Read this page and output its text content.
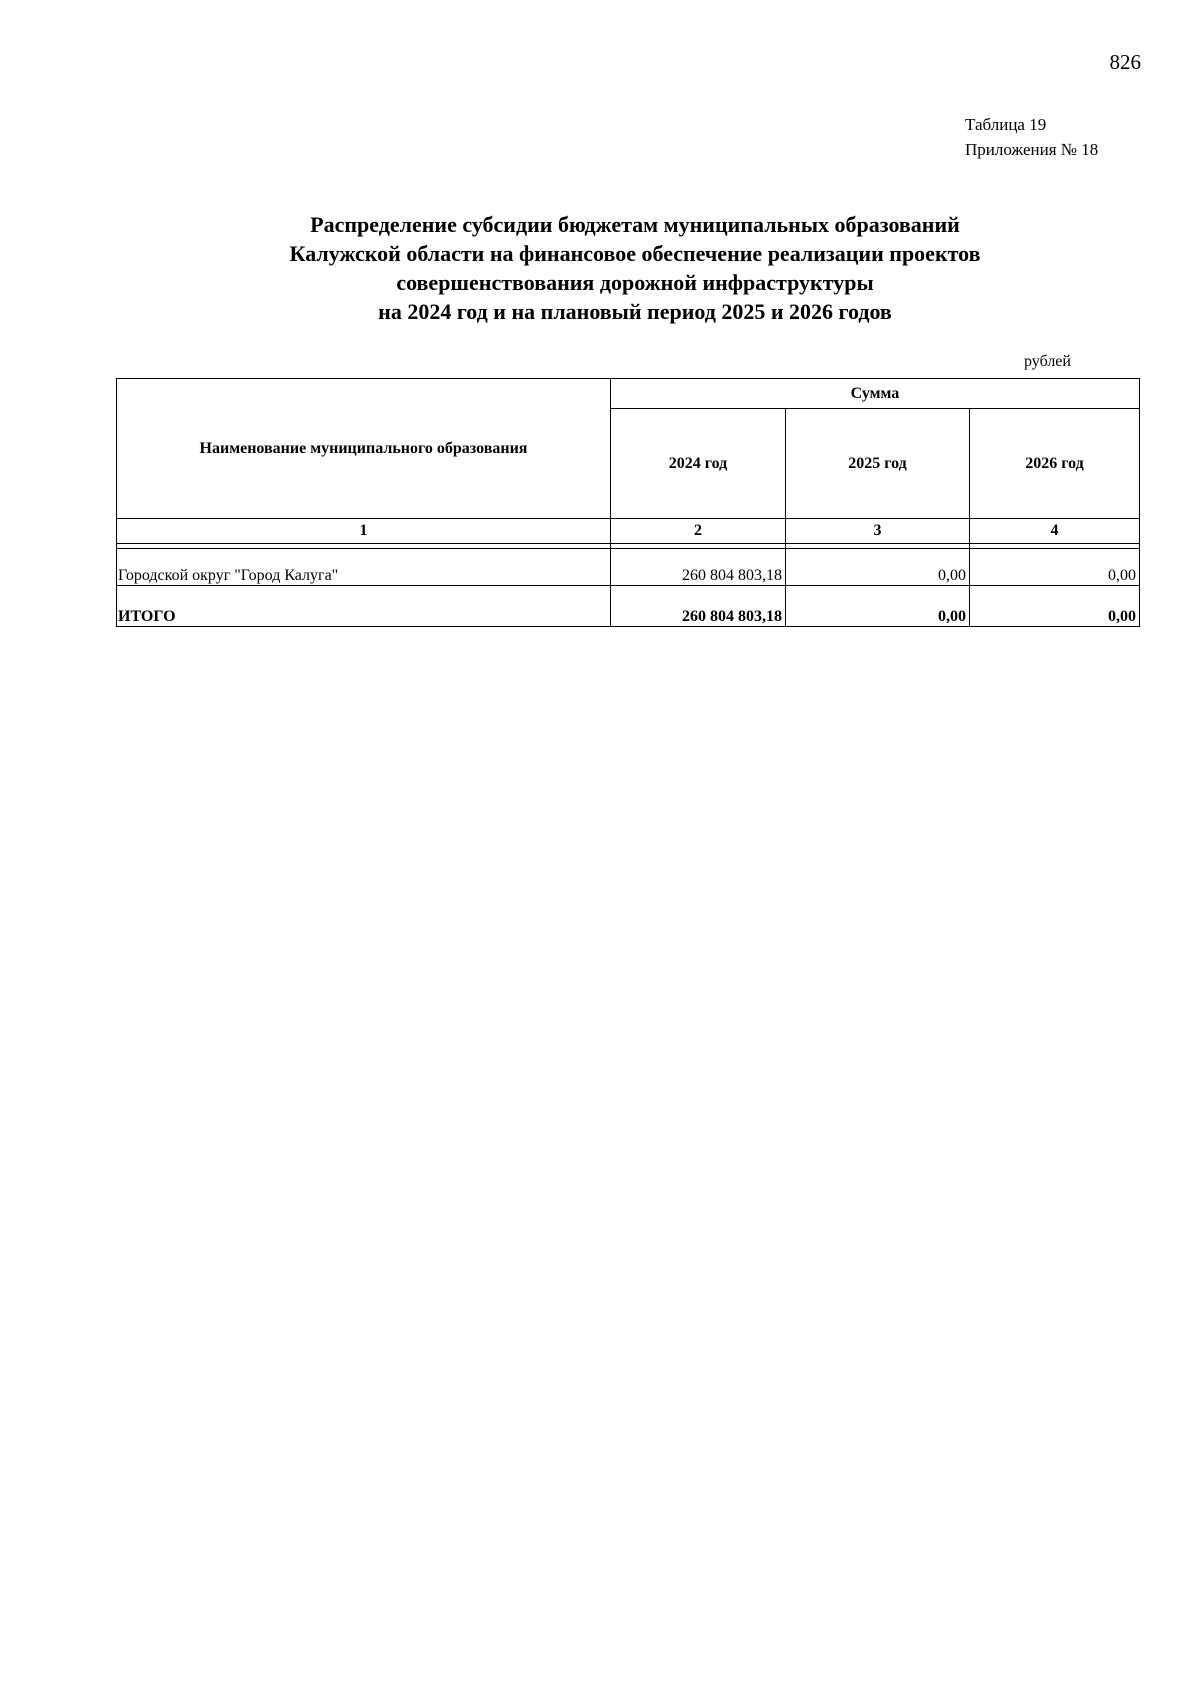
826
Таблица 19
Приложения № 18
Распределение субсидии бюджетам муниципальных образований
Калужской области на финансовое обеспечение реализации проектов
совершенствования дорожной инфраструктуры
на 2024 год и на плановый период 2025 и 2026 годов
рублей
Наименование муниципального образования	Сумма		
	2024 год	2025 год	2026 год
1	2	3	4

Городской округ "Город Калуга"	260 804 803,18	0,00	0,00
ИТОГО	260 804 803,18	0,00	0,00
